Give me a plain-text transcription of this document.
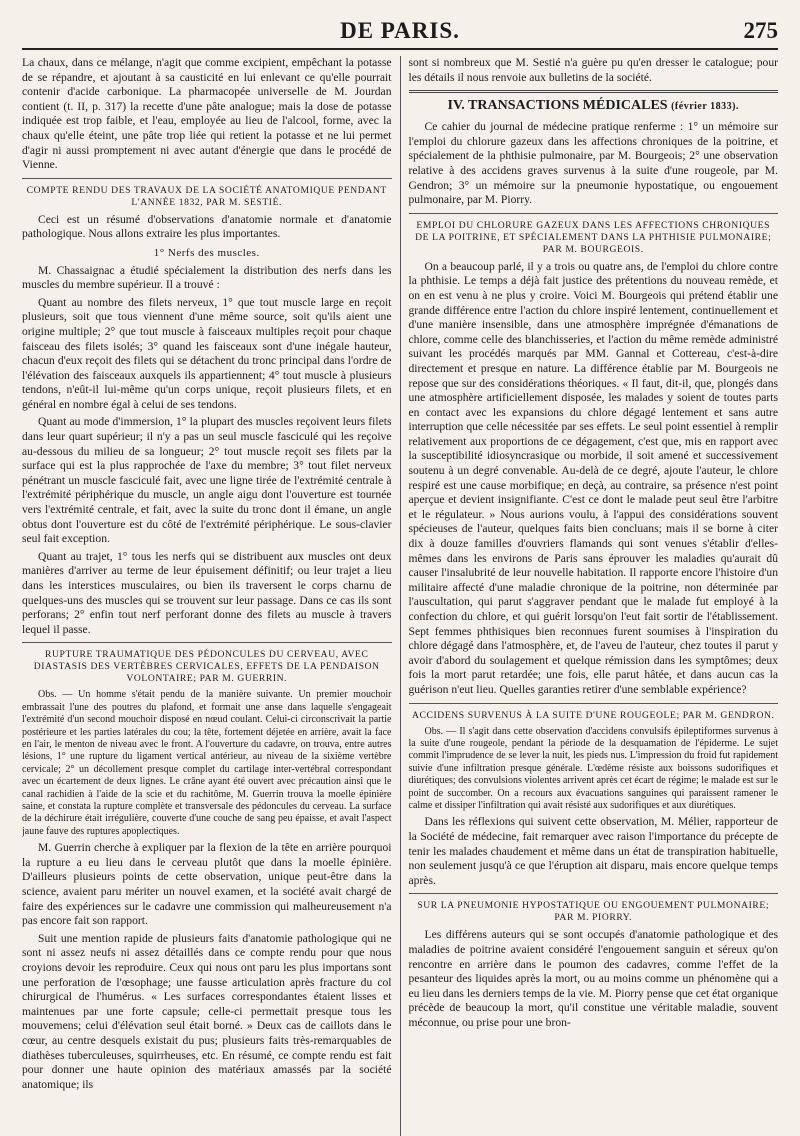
DE PARIS.	275

La chaux, dans ce mélange, n'agit que comme excipient, empêchant la potasse de se répandre, et ajoutant à sa causticité en lui enlevant ce qu'elle pourrait contenir d'acide carbonique. La pharmacopée universelle de M. Jourdan contient (t. II, p. 317) la recette d'une pâte analogue; mais la dose de potasse indiquée est trop faible, et l'eau, employée au lieu de l'alcool, forme, avec la chaux qu'elle éteint, une pâte trop liée qui retient la potasse et ne lui permet d'agir ni aussi promptement ni avec autant d'énergie que dans le procédé de Vienne.

COMPTE RENDU DES TRAVAUX DE LA SOCIÉTÉ ANATOMIQUE PENDANT L'ANNÉE 1832, PAR M. SESTIÉ.

Ceci est un résumé d'observations d'anatomie normale et d'anatomie pathologique. Nous allons extraire les plus importantes.

1° Nerfs des muscles.

M. Chassaignac a étudié spécialement la distribution des nerfs dans les muscles du membre supérieur. Il a trouvé :

Quant au nombre des filets nerveux, 1° que tout muscle large en reçoit plusieurs, soit que tous viennent d'une même source, soit qu'ils aient une origine multiple; 2° que tout muscle à faisceaux multiples reçoit pour chaque faisceau des filets isolés; 3° quand les faisceaux sont d'une inégale hauteur, chacun d'eux reçoit des filets qui se détachent du tronc principal dans l'ordre de l'élévation des faisceaux auxquels ils appartiennent; 4° tout muscle à plusieurs tendons, n'eût-il lui-même qu'un corps unique, reçoit plusieurs filets, et en général en nombre égal à celui de ses tendons.

Quant au mode d'immersion, 1° la plupart des muscles reçoivent leurs filets dans leur quart supérieur; il n'y a pas un seul muscle fasciculé qui les reçoive au-dessous du milieu de sa longueur; 2° tout muscle reçoit ses filets par la surface qui est la plus rapprochée de l'axe du membre; 3° tout filet nerveux pénétrant un muscle fasciculé fait, avec une ligne tirée de l'extrémité centrale à l'extrémité périphérique du muscle, un angle aigu dont l'ouverture est tournée vers l'extrémité centrale, et fait, avec la suite du tronc dont il émane, un angle obtus dont l'ouverture est du côté de l'extrémité périphérique. Le sous-clavier seul fait exception.

Quant au trajet, 1° tous les nerfs qui se distribuent aux muscles ont deux manières d'arriver au terme de leur épuisement définitif; ou leur trajet a lieu dans les interstices musculaires, ou bien ils traversent le corps charnu de quelques-uns des muscles qui se trouvent sur leur passage. Dans ce cas ils sont perforans; 2° enfin tout nerf perforant donne des filets au muscle à travers lequel il passe.

RUPTURE TRAUMATIQUE DES PÉDONCULES DU CERVEAU, AVEC DIASTASIS DES VERTÈBRES CERVICALES, EFFETS DE LA PENDAISON VOLONTAIRE; PAR M. GUERRIN.

Obs. — Un homme s'était pendu de la manière suivante. Un premier mouchoir embrassait l'une des poutres du plafond, et formait une anse dans laquelle s'engageait l'extrémité d'un second mouchoir disposé en nœud coulant. Celui-ci circonscrivait la partie postérieure et les parties latérales du cou; la tête, fortement déjetée en arrière, avait la face en l'air, le menton de niveau avec le front. A l'ouverture du cadavre, on trouva, entre autres lésions, 1° une rupture du ligament vertical antérieur, au niveau de la sixième vertèbre cervicale; 2° un décollement presque complet du cartilage inter-vertébral correspondant avec un écartement de deux lignes. Le crâne ayant été ouvert avec précaution ainsi que le canal rachidien à l'aide de la scie et du rachitôme, M. Guerrin trouva la moelle épinière saine, et constata la rupture complète et transversale des pédoncules du cerveau. La surface de la déchirure était irrégulière, couverte d'une couche de sang peu épaisse, et avait l'aspect jaune fauve des ruptures apoplectiques.

M. Guerrin cherche à expliquer par la flexion de la tête en arrière pourquoi la rupture a eu lieu dans le cerveau plutôt que dans la moelle épinière. D'ailleurs plusieurs points de cette observation, unique peut-être dans la science, avaient paru mériter un nouvel examen, et la société avait chargé de faire des expériences sur le cadavre une commission qui malheureusement n'a pas encore fait son rapport.

Suit une mention rapide de plusieurs faits d'anatomie pathologique qui ne sont ni assez neufs ni assez détaillés dans ce compte rendu pour que nous croyions devoir les reproduire. Ceux qui nous ont paru les plus importans sont une perforation de l'œsophage; une fausse articulation après fracture du col chirurgical de l'humérus. « Les surfaces correspondantes étaient lisses et maintenues par une forte capsule; celle-ci permettait presque tous les mouvemens; celui d'élévation seul était borné. » Deux cas de caillots dans le cœur, au centre desquels existait du pus; plusieurs faits très-remarquables de diathèses tuberculeuses, squirrheuses, etc. En résumé, ce compte rendu est fait pour donner une haute opinion des matériaux amassés par la société anatomique; ils

sont si nombreux que M. Sestié n'a guère pu qu'en dresser le catalogue; pour les détails il nous renvoie aux bulletins de la société.

IV. TRANSACTIONS MÉDICALES (février 1833).

Ce cahier du journal de médecine pratique renferme : 1° un mémoire sur l'emploi du chlorure gazeux dans les affections chroniques de la poitrine, et spécialement de la phthisie pulmonaire, par M. Bourgeois; 2° une observation relative à des accidens graves survenus à la suite d'une rougeole, par M. Gendron; 3° un mémoire sur la pneumonie hypostatique, ou engouement pulmonaire, par M. Piorry.

EMPLOI DU CHLORURE GAZEUX DANS LES AFFECTIONS CHRONIQUES DE LA POITRINE, ET SPÉCIALEMENT DANS LA PHTHISIE PULMONAIRE; PAR M. BOURGEOIS.

On a beaucoup parlé, il y a trois ou quatre ans, de l'emploi du chlore contre la phthisie. Le temps a déjà fait justice des prétentions du nouveau remède, et on en est venu à ne plus y croire. Voici M. Bourgeois qui prétend établir une grande différence entre l'action du chlore inspiré lentement, continuellement et d'une manière insensible, dans une atmosphère imprégnée d'émanations de chlore, comme celle des blanchisseries, et l'action du même remède administré suivant les procédés marqués par MM. Gannal et Cottereau, c'est-à-dire directement et presque en nature. La différence établie par M. Bourgeois ne repose que sur des considérations théoriques. « Il faut, dit-il, que, plongés dans une atmosphère artificiellement disposée, les malades y soient de toutes parts en contact avec les expansions du chlore dégagé lentement et sans autre interruption que celle nécessitée par ses effets. Le seul point essentiel à remplir relativement aux proportions de ce dégagement, c'est que, mis en rapport avec la susceptibilité idiosyncrasique ou morbide, il soit amené et successivement soutenu à un degré convenable. Au-delà de ce degré, ajoute l'auteur, le chlore respiré est une cause morbifique; en deçà, au contraire, sa présence n'est point aperçue et devient insignifiante. C'est ce dont le malade peut seul être l'arbitre et le régulateur. » Nous aurions voulu, à l'appui des considérations souvent spécieuses de l'auteur, quelques faits bien concluans; mais il se borne à citer dix à douze familles d'ouvriers flamands qui sont venues s'établir d'elles-mêmes dans les environs de Paris sans éprouver les maladies qu'aurait dû causer l'insalubrité de leur nouvelle habitation. Il rapporte encore l'histoire d'un militaire affecté d'une maladie chronique de la poitrine, non déterminée par l'auscultation, qui parut s'aggraver pendant que le malade fut employé à la confection du chlore, et qui guérit lorsqu'on l'eut fait sortir de l'établissement. Sept femmes phthisiques bien reconnues furent soumises à l'inspiration du chlore dégagé dans l'atmosphère, et, de l'aveu de l'auteur, chez toutes il parut y avoir d'abord du soulagement et quelque rémission dans les symptômes; deux fois la mort parut retardée; une fois, elle parut hâtée, et dans aucun cas la guérison n'eut lieu. Quelles garanties retirer d'une semblable expérience?

ACCIDENS SURVENUS À LA SUITE D'UNE ROUGEOLE; PAR M. GENDRON.

Obs. — Il s'agit dans cette observation d'accidens convulsifs épileptiformes survenus à la suite d'une rougeole, pendant la période de la desquamation de l'épiderme. Le sujet commit l'imprudence de se lever la nuit, les pieds nus. L'impression du froid fut rapidement suivie d'une infiltration presque générale. L'œdème résiste aux boissons sudorifiques et diurétiques; des convulsions violentes arrivent après cet écart de régime; le malade est sur le point de succomber. On a recours aux évacuations sanguines qui paraissent ramener le calme et dissiper l'infiltration qui avait résisté aux sudorifiques et aux diurétiques.

Dans les réflexions qui suivent cette observation, M. Mélier, rapporteur de la Société de médecine, fait remarquer avec raison l'importance du précepte de tenir les malades chaudement et même dans un état de transpiration habituelle, non seulement jusqu'à ce que l'éruption ait disparu, mais encore quelque temps après.

SUR LA PNEUMONIE HYPOSTATIQUE OU ENGOUEMENT PULMONAIRE; PAR M. PIORRY.

Les différens auteurs qui se sont occupés d'anatomie pathologique et des maladies de poitrine avaient considéré l'engouement sanguin et séreux qu'on rencontre en arrière dans le poumon des cadavres, comme l'effet de la pesanteur des liquides après la mort, ou au moins comme un phénomène qui a eu lieu dans les derniers temps de la vie. M. Piorry pense que cet état organique précède de beaucoup la mort, qu'il constitue une véritable maladie, souvent méconnue, ou prise pour une bron-
